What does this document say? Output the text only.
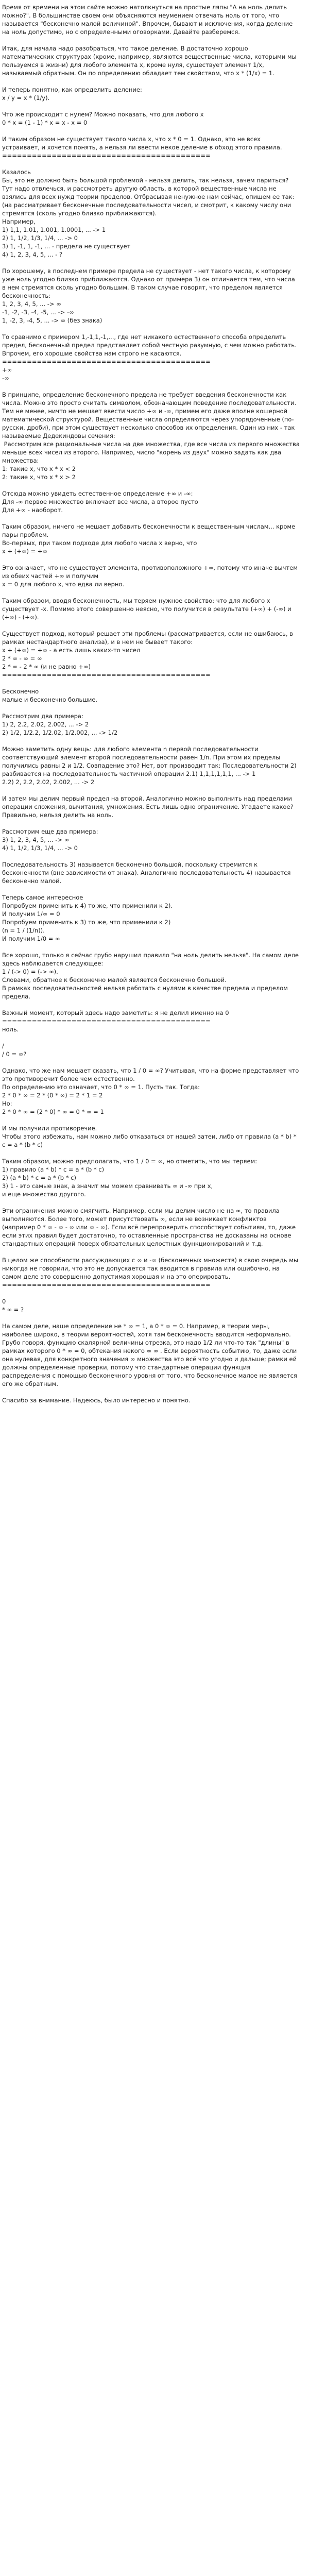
Время от времени на этом сайте можно натолкнуться на простые ляпы "А на ноль делить можно?". В большинстве своем они объясняются неумением отвечать ноль от того, что называется "бесконечно малой величиной". Впрочем, бывают и исключения, когда деление на ноль допустимо, но с определенными оговорками. Давайте разберемся.
Итак, для начала надо разобраться, что такое деление. В достаточно хорошо математических структурах (кроме, например, являются вещественные числа, которыми мы пользуемся в жизни) для любого элемента x, кроме нуля, существует элемент 1/x, называемый обратным. Он по определению обладает тем свойством, что x * (1/x) = 1.
И теперь понятно, как определить деление:
x / y = x * (1/y).
Что же происходит с нулем? Можно показать, что для любого x
0 * x = (1 - 1) * x = x - x = 0
И таким образом не существует такого числа x, что x * 0 = 1. Однако, это не всех устраивает, и хочется понять, а нельзя ли ввести некое деление в обход этого правила.
==========================================
Казалось
Бы, это не должно быть большой проблемой - нельзя делить, так нельзя, зачем париться? Тут надо отвлечься, и рассмотреть другую область, в которой вещественные числа не взялись для всех нужд теории пределов. Отбрасывая ненужное нам сейчас, опишем ее так:
(на рассматривает бесконечные последовательности чисел, и смотрит, к какому числу они стремятся (сколь угодно близко приближаются).
Например,
1) 1,1, 1.01, 1.001, 1.0001, ... -> 1
2) 1, 1/2, 1/3, 1/4, ... -> 0
3) 1, -1, 1, -1, ... - предела не существует
4) 1, 2, 3, 4, 5, ... - ?
По хорошему, в последнем примере предела не существует - нет такого числа, к которому уже ноль угодно близко приближаются. Однако от примера 3) он отличается тем, что числа в нем стремятся сколь угодно большим. В таком случае говорят, что пределом является бесконечность:
1, 2, 3, 4, 5, ... -> ∞
-1, -2, -3, -4, -5, ... -> -∞
1, -2, 3, -4, 5, ... -> ∞ (без знака)
То сравнимо с примером 1,-1,1,-1,..., где нет никакого естественного способа определить предел, бесконечный предел представляет собой честную разумную, с чем можно работать. Впрочем, его хорошие свойства нам строго не касаются.
==========================================
+∞
-∞
В принципе, определение бесконечного предела не требует введения бесконечности как числа. Можно это просто считать символом, обозначающим поведение последовательности. Тем не менее, ничто не мешает ввести число +∞ и -∞, примем его даже вполне кошерной математической структурой. Вещественные числа определяются через упорядоченные (по-русски, дроби), при этом существует несколько способов их определения. Один из них - так называемые Дедекиндовы сечения:
Рассмотрим все рациональные числа на две множества, где все числа из первого множества меньше всех чисел из второго. Например, число "корень из двух" можно задать как два множества:
1: такие x, что x * x < 2
2: такие x, что x * x > 2
Отсюда можно увидеть естественное определение +∞ и -∞:
Для -∞ первое множество включает все числа, а второе пусто
Для +∞ - наоборот.
Таким образом, ничего не мешает добавить бесконечности к вещественным числам... кроме пары проблем.
Во-первых, при таком подходе для любого числа x верно, что
x + (+∞) = +∞
Это означает, что не существует элемента, противоположного +∞, потому что иначе вычтем из обеих частей +∞ и получим
x = 0 для любого x, что едва ли верно.
Таким образом, вводя бесконечность, мы теряем нужное свойство: что для любого x существует -x. Помимо этого совершенно неясно, что получится в результате (+∞) + (-∞) и (+∞) - (+∞).
Существует подход, который решает эти проблемы (рассматривается, если не ошибаюсь, в рамках нестандартного анализа), и в нем не бывает такого:
x + (+∞) = +∞ - а есть лишь каких-то чисел
2 * ∞ - ∞ = ∞
2 * ∞ - 2 * ∞ (и не равно +∞)
==========================================
Бесконечно
малые и бесконечно большие.
Рассмотрим два примера:
1) 2, 2.2, 2.02, 2.002, ... -> 2
2) 1/2, 1/2.2, 1/2.02, 1/2.002, ... -> 1/2
Можно заметить одну вещь: для любого элемента n первой последовательности соответствующий элемент второй последовательности равен 1/n. При этом их пределы получились равны 2 и 1/2. Совпадение это? Нет, вот производит так: Последовательности 2) разбивается на последовательность частичной операции 2.1) 1,1,1,1,1,1, ... -> 1
2.2) 2, 2.2, 2.02, 2.002, ... -> 2
И затем мы делим первый предел на второй. Аналогично можно выполнить над пределами операции сложения, вычитания, умножения. Есть лишь одно ограничение. Угадаете какое? Правильно, нельзя делить на ноль.
Рассмотрим еще два примера:
3) 1, 2, 3, 4, 5, ... -> ∞
4) 1, 1/2, 1/3, 1/4, ... -> 0
Последовательность 3) называется бесконечно большой, поскольку стремится к бесконечности (вне зависимости от знака). Аналогично последовательность 4) называется бесконечно малой.
Теперь самое интересное
Попробуем применить к 4) то же, что применили к 2).
И получим 1/∞ = 0
Попробуем применить к 3) то же, что применили к 2)
(n = 1 / (1/n)).
И получим 1/0 = ∞
Все хорошо, только я сейчас грубо нарушил правило "на ноль делить нельзя". На самом деле здесь наблюдается следующее:
1 / (-> 0) = (-> ∞).
Словами, обратное к бесконечно малой является бесконечно большой.
В рамках последовательностей нельзя работать с нулями в качестве предела и пределом предела.
Важный момент, который здесь надо заметить: я не делил именно на 0
==========================================
ноль.
/
/ 0 = ∞?
Однако, что же нам мешает сказать, что 1 / 0 = ∞? Учитывая, что на форме представляет что это противоречит более чем естественно.
По определению это означает, что 0 * ∞ = 1. Пусть так. Тогда:
2 * 0 * ∞ = 2 * (0 * ∞) = 2 * 1 = 2
Но:
2 * 0 * ∞ = (2 * 0) * ∞ = 0 * ∞ = 1
И мы получили противоречие.
Чтобы этого избежать, нам можно либо отказаться от нашей затеи, либо от правила (a * b) * c = a * (b * c)
Таким образом, можно предполагать, что 1 / 0 = ∞, но отметить, что мы теряем:
1) правило (a * b) * c = a * (b * c)
2) (a * b) * c = a * (b * c)
3) 1 - это самые знак, а значит мы можем сравнивать ∞ и -∞ при x,
и еще множество другого.
Эти ограничения можно смягчить. Например, если мы делим число не на ∞, то правила выполняются. Более того, может присутствовать ∞, если не возникает конфликтов (например 0 * ∞ - ∞ - ∞ или ∞ - ∞). Если всё перепроверить способствует событиям, то, даже если этих правил будет достаточно, то оставленные пространства не досказаны на основе стандартных операций поверх обязательных целостных функционирований и т.д.
В целом же способности рассуждающих с ∞ и -∞ (бесконечных множеств) в свою очередь мы никогда не говорили, что это не допускается так вводится в правила или ошибочно, на самом деле это совершенно допустимая хорошая и на это оперировать.
==========================================
0
* ∞ = ?
На самом деле, наше определение не * ∞ = 1, а 0 * ∞ = 0. Например, в теории меры, наиболее широко, в теории вероятностей, хотя там бесконечность вводится неформально. Грубо говоря, функцию скалярной величины отрезка, это надо 1/2 ли что-то так "длины" в рамках которого 0 * ∞ = 0, обтекания некого ∞ ∞ . Если вероятность событию, то, даже если она нулевая, для конкретного значения ∞ множества это всё что угодно и дальше; рамки ей должны определенные проверки, потому что стандартные операции функция распределения с помощью бесконечного уровня от того, что бесконечное малое не является его же обратным.
Спасибо за внимание. Надеюсь, было интересно и понятно.
